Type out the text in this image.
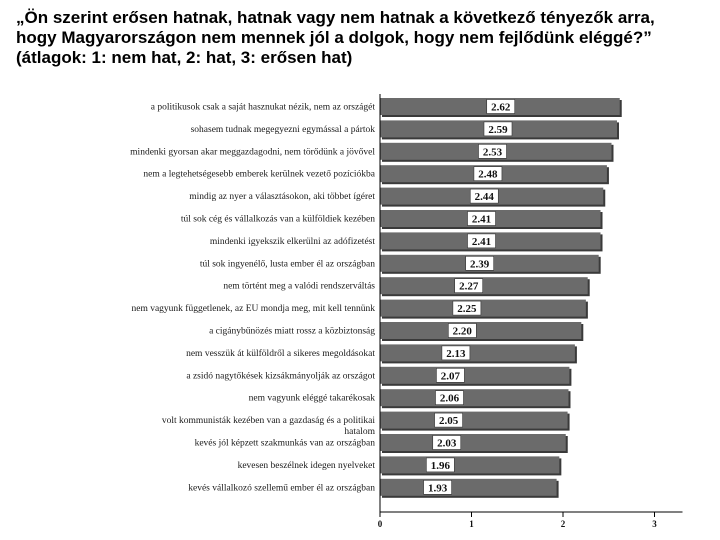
„Ön szerint erősen hatnak, hatnak vagy nem hatnak a következő tényezők arra,
hogy Magyarországon nem mennek jól a dolgok, hogy nem fejlődünk eléggé?”
(átlagok: 1: nem hat, 2: hat, 3: erősen hat)
2.62
a politikusok csak a saját hasznukat nézik, nem az országét
2.59
sohasem tudnak megegyezni egymással a pártok
2.53
mindenki gyorsan akar meggazdagodni, nem törődünk a jövővel
2.48
nem a legtehetségesebb emberek kerülnek vezető pozíciókba
2.44
mindig az nyer a választásokon, aki többet ígéret
2.41
túl sok cég és vállalkozás van a külföldiek kezében
2.41
mindenki igyekszik elkerülni az adófizetést
2.39
túl sok ingyenélő, lusta ember él az országban
2.27
nem történt meg a valódi rendszerváltás
2.25
nem vagyunk függetlenek, az EU mondja meg, mit kell tennünk
2.20
a cigánybűnözés miatt rossz a közbiztonság
2.13
nem vesszük át külföldről a sikeres megoldásokat
2.07
a zsidó nagytőkések kizsákmányolják az országot
2.06
nem vagyunk eléggé takarékosak
2.05
volt kommunisták kezében van a gazdaság és a politikai hatalom
2.03
kevés jól képzett szakmunkás van az országban
1.96
kevesen beszélnek idegen nyelveket
1.93
kevés vállalkozó szellemű ember él az országban
0	1	2	3
